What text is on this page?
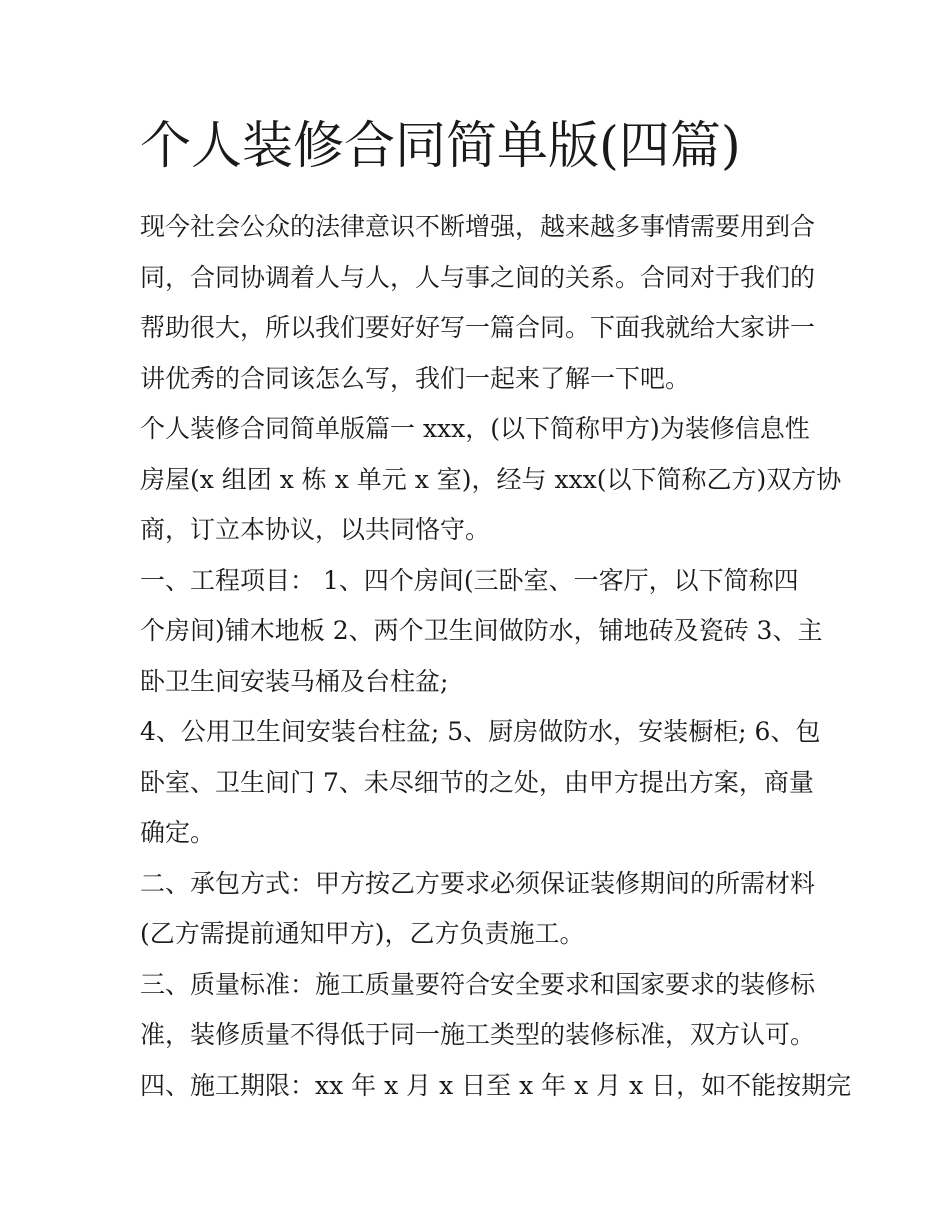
个人装修合同简单版(四篇)

现今社会公众的法律意识不断增强，越来越多事情需要用到合
同，合同协调着人与人，人与事之间的关系。合同对于我们的
帮助很大，所以我们要好好写一篇合同。下面我就给大家讲一
讲优秀的合同该怎么写，我们一起来了解一下吧。

个人装修合同简单版篇一 xxx，(以下简称甲方)为装修信息性
房屋(x 组团 x 栋 x 单元 x 室)，经与 xxx(以下简称乙方)双方协
商，订立本协议，以共同恪守。

一、工程项目： 1、四个房间(三卧室、一客厅，以下简称四
个房间)铺木地板 2、两个卫生间做防水，铺地砖及瓷砖 3、主
卧卫生间安装马桶及台柱盆;

4、公用卫生间安装台柱盆; 5、厨房做防水，安装橱柜; 6、包
卧室、卫生间门 7、未尽细节的之处，由甲方提出方案，商量
确定。

二、承包方式：甲方按乙方要求必须保证装修期间的所需材料
(乙方需提前通知甲方)，乙方负责施工。

三、质量标准：施工质量要符合安全要求和国家要求的装修标
准，装修质量不得低于同一施工类型的装修标准，双方认可。

四、施工期限：xx 年 x 月 x 日至 x 年 x 月 x 日，如不能按期完
